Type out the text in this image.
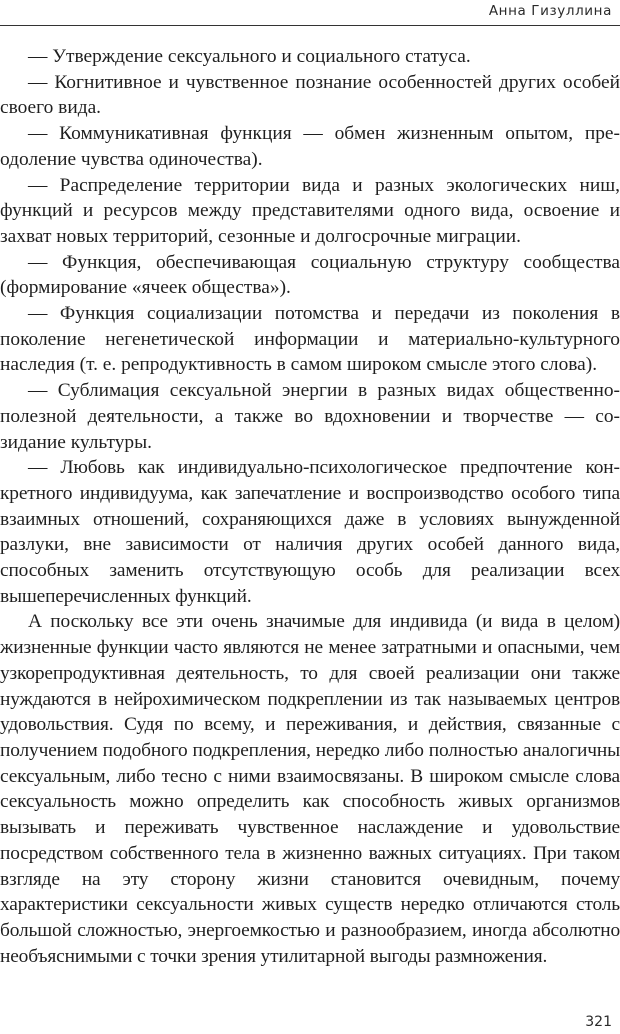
Анна Гизуллина

— Утверждение сексуального и социального статуса.

— Когнитивное и чувственное познание особенностей других особей своего вида.

— Коммуникативная функция — обмен жизненным опытом, преодоление чувства одиночества).

— Распределение территории вида и разных экологических ниш, функций и ресурсов между представителями одного вида, освоение и захват новых территорий, сезонные и долгосрочные миграции.

— Функция, обеспечивающая социальную структуру сообщества (формирование «ячеек общества»).

— Функция социализации потомства и передачи из поколения в поколение негенетической информации и материально-культурного наследия (т. е. репродуктивность в самом широком смысле этого слова).

— Сублимация сексуальной энергии в разных видах общественно-полезной деятельности, а также во вдохновении и творчестве — созидание культуры.

— Любовь как индивидуально-психологическое предпочтение конкретного индивидуума, как запечатление и воспроизводство особого типа взаимных отношений, сохраняющихся даже в условиях вынужденной разлуки, вне зависимости от наличия других особей данного вида, способных заменить отсутствующую особь для реализации всех вышеперечисленных функций.

А поскольку все эти очень значимые для индивида (и вида в целом) жизненные функции часто являются не менее затратными и опасными, чем узкорепродуктивная деятельность, то для своей реализации они также нуждаются в нейрохимическом подкреплении из так называемых центров удовольствия. Судя по всему, и переживания, и действия, связанные с получением подобного подкрепления, нередко либо полностью аналогичны сексуальным, либо тесно с ними взаимосвязаны. В широком смысле слова сексуальность можно определить как способность живых организмов вызывать и переживать чувственное наслаждение и удовольствие посредством собственного тела в жизненно важных ситуациях. При таком взгляде на эту сторону жизни становится очевидным, почему характеристики сексуальности живых существ нередко отличаются столь большой сложностью, энергоемкостью и разнообразием, иногда абсолютно необъяснимыми с точки зрения утилитарной выгоды размножения.

321
